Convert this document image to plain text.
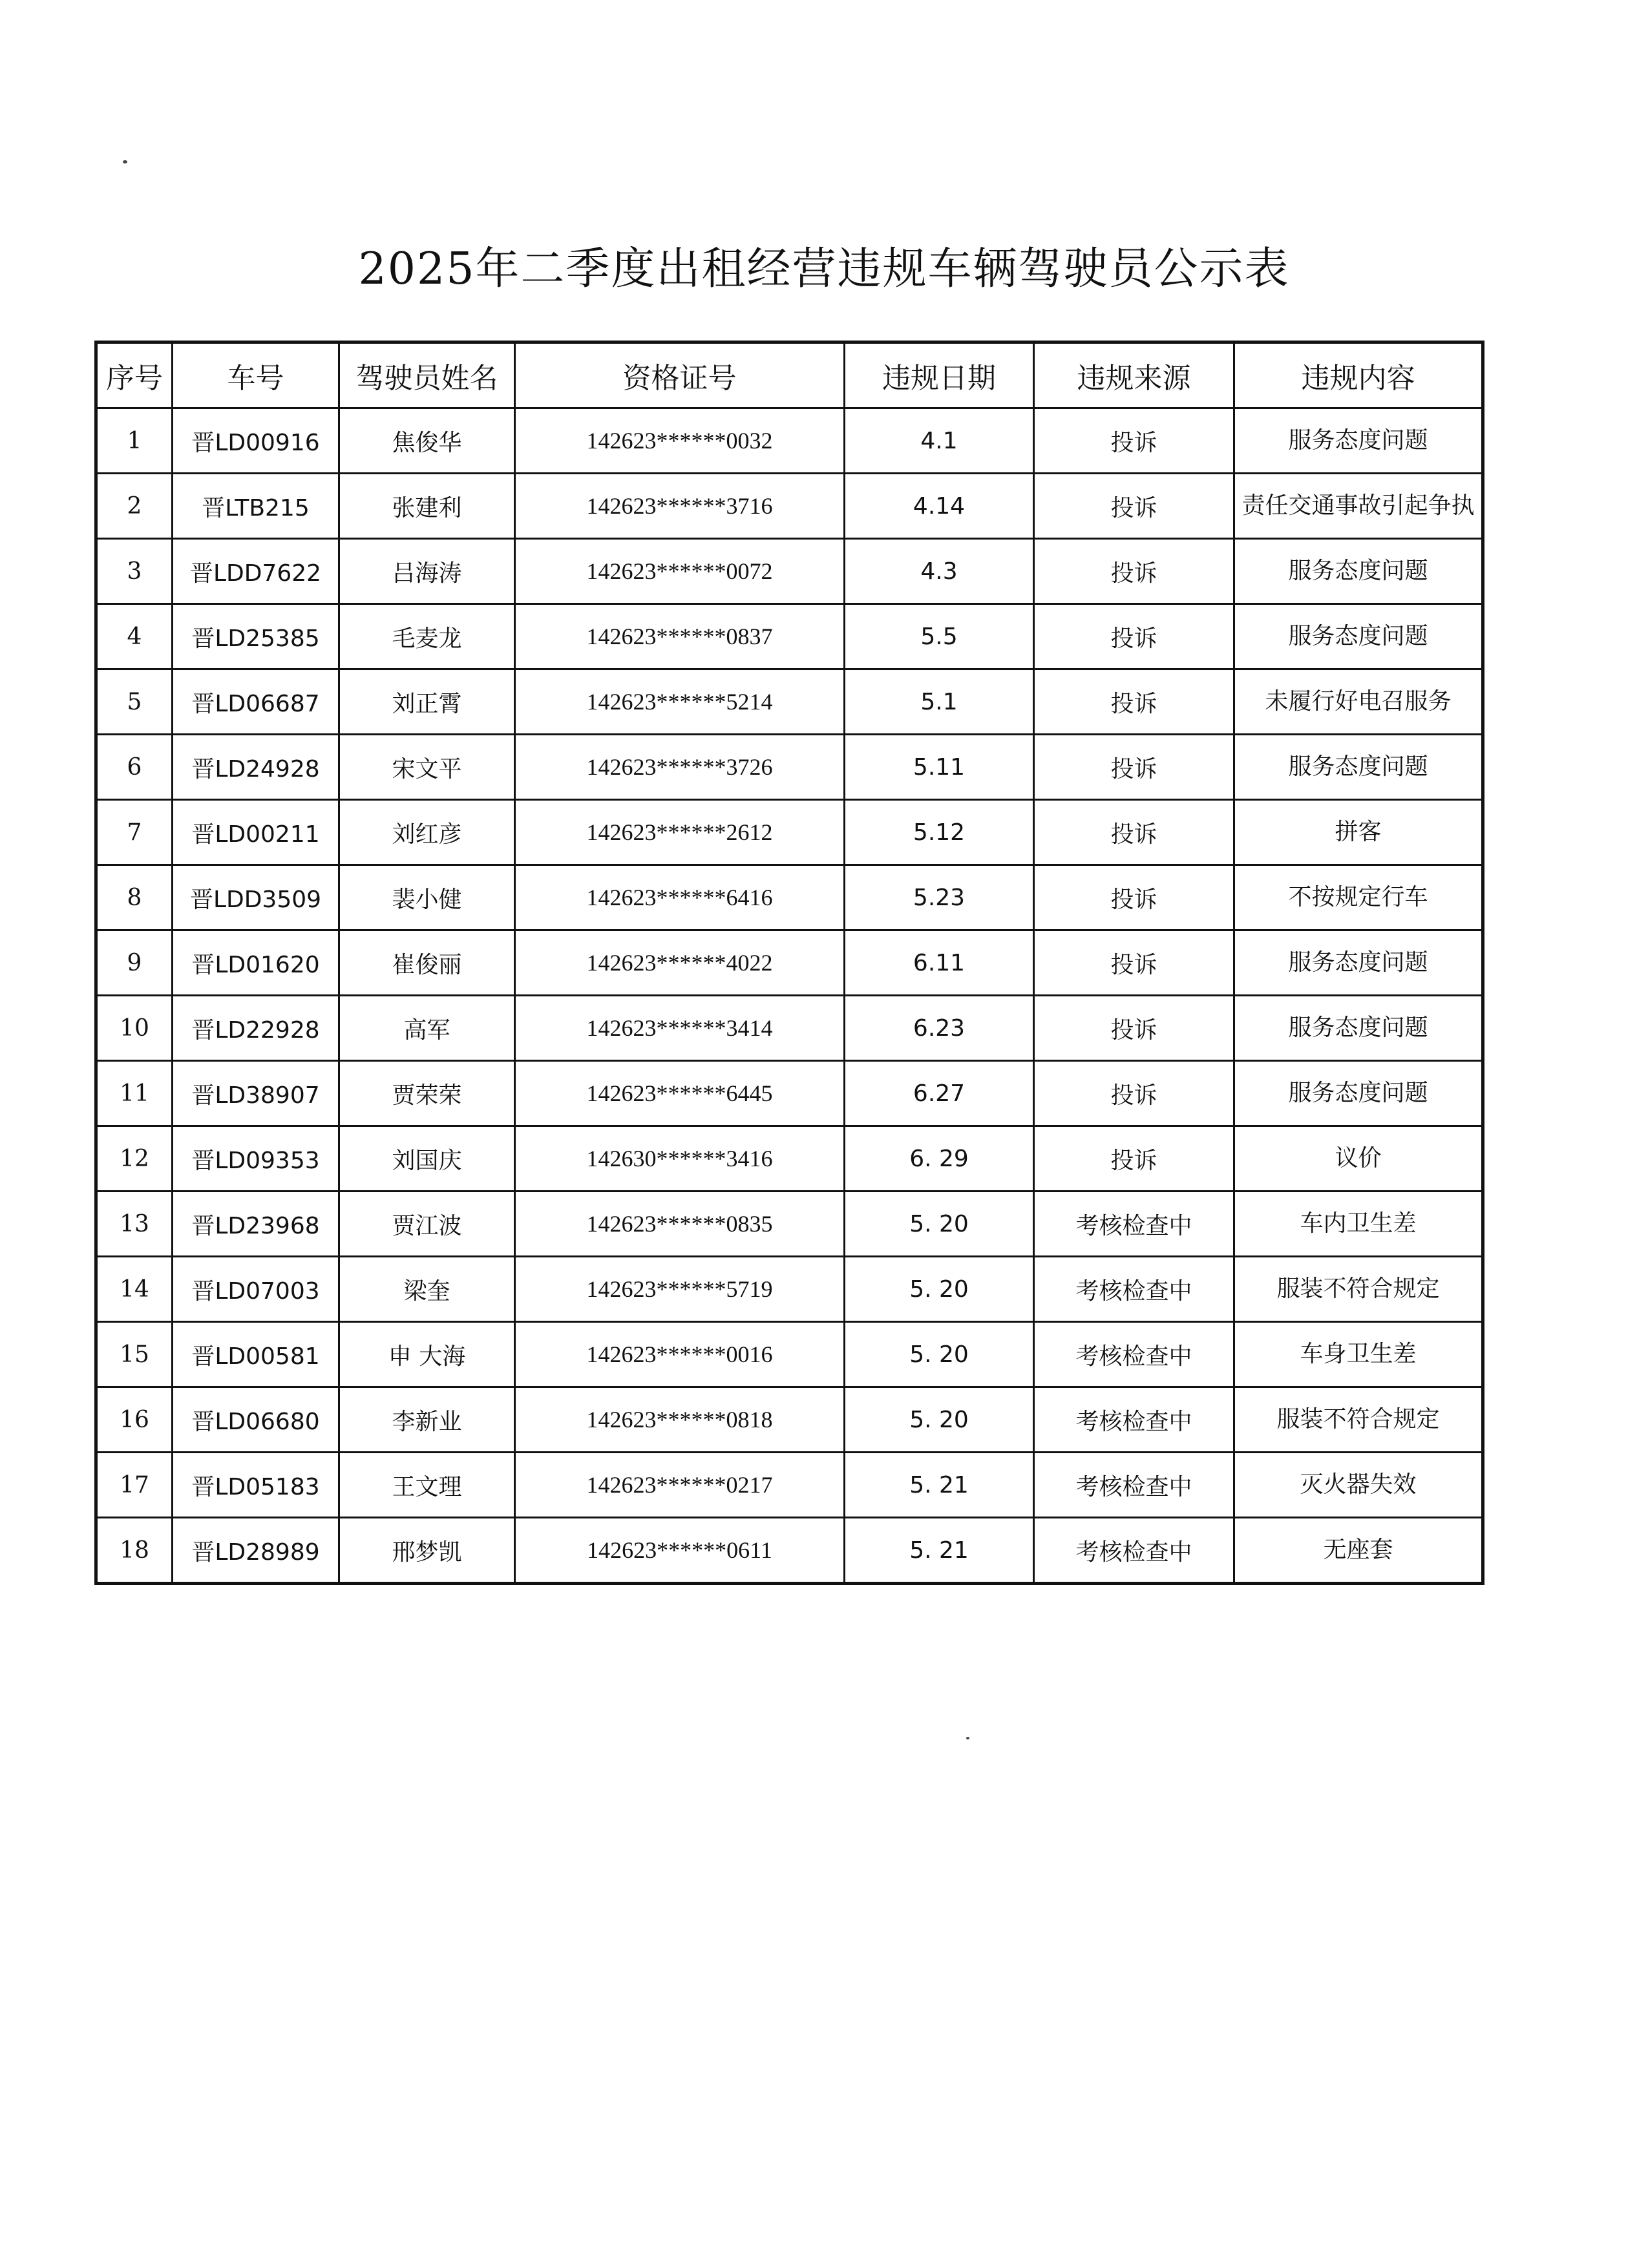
2025年二季度出租经营违规车辆驾驶员公示表
序号	车号	驾驶员姓名	资格证号	违规日期	违规来源	违规内容
1	晋LD00916	焦俊华	142623******0032	4.1	投诉	服务态度问题
2	晋LTB215	张建利	142623******3716	4.14	投诉	责任交通事故引起争执
3	晋LDD7622	吕海涛	142623******0072	4.3	投诉	服务态度问题
4	晋LD25385	毛麦龙	142623******0837	5.5	投诉	服务态度问题
5	晋LD06687	刘正霄	142623******5214	5.1	投诉	未履行好电召服务
6	晋LD24928	宋文平	142623******3726	5.11	投诉	服务态度问题
7	晋LD00211	刘红彦	142623******2612	5.12	投诉	拼客
8	晋LDD3509	裴小健	142623******6416	5.23	投诉	不按规定行车
9	晋LD01620	崔俊丽	142623******4022	6.11	投诉	服务态度问题
10	晋LD22928	高军	142623******3414	6.23	投诉	服务态度问题
11	晋LD38907	贾荣荣	142623******6445	6.27	投诉	服务态度问题
12	晋LD09353	刘国庆	142630******3416	6. 29	投诉	议价
13	晋LD23968	贾江波	142623******0835	5. 20	考核检查中	车内卫生差
14	晋LD07003	梁奎	142623******5719	5. 20	考核检查中	服装不符合规定
15	晋LD00581	申 大海	142623******0016	5. 20	考核检查中	车身卫生差
16	晋LD06680	李新业	142623******0818	5. 20	考核检查中	服装不符合规定
17	晋LD05183	王文理	142623******0217	5. 21	考核检查中	灭火器失效
18	晋LD28989	邢梦凯	142623******0611	5. 21	考核检查中	无座套
